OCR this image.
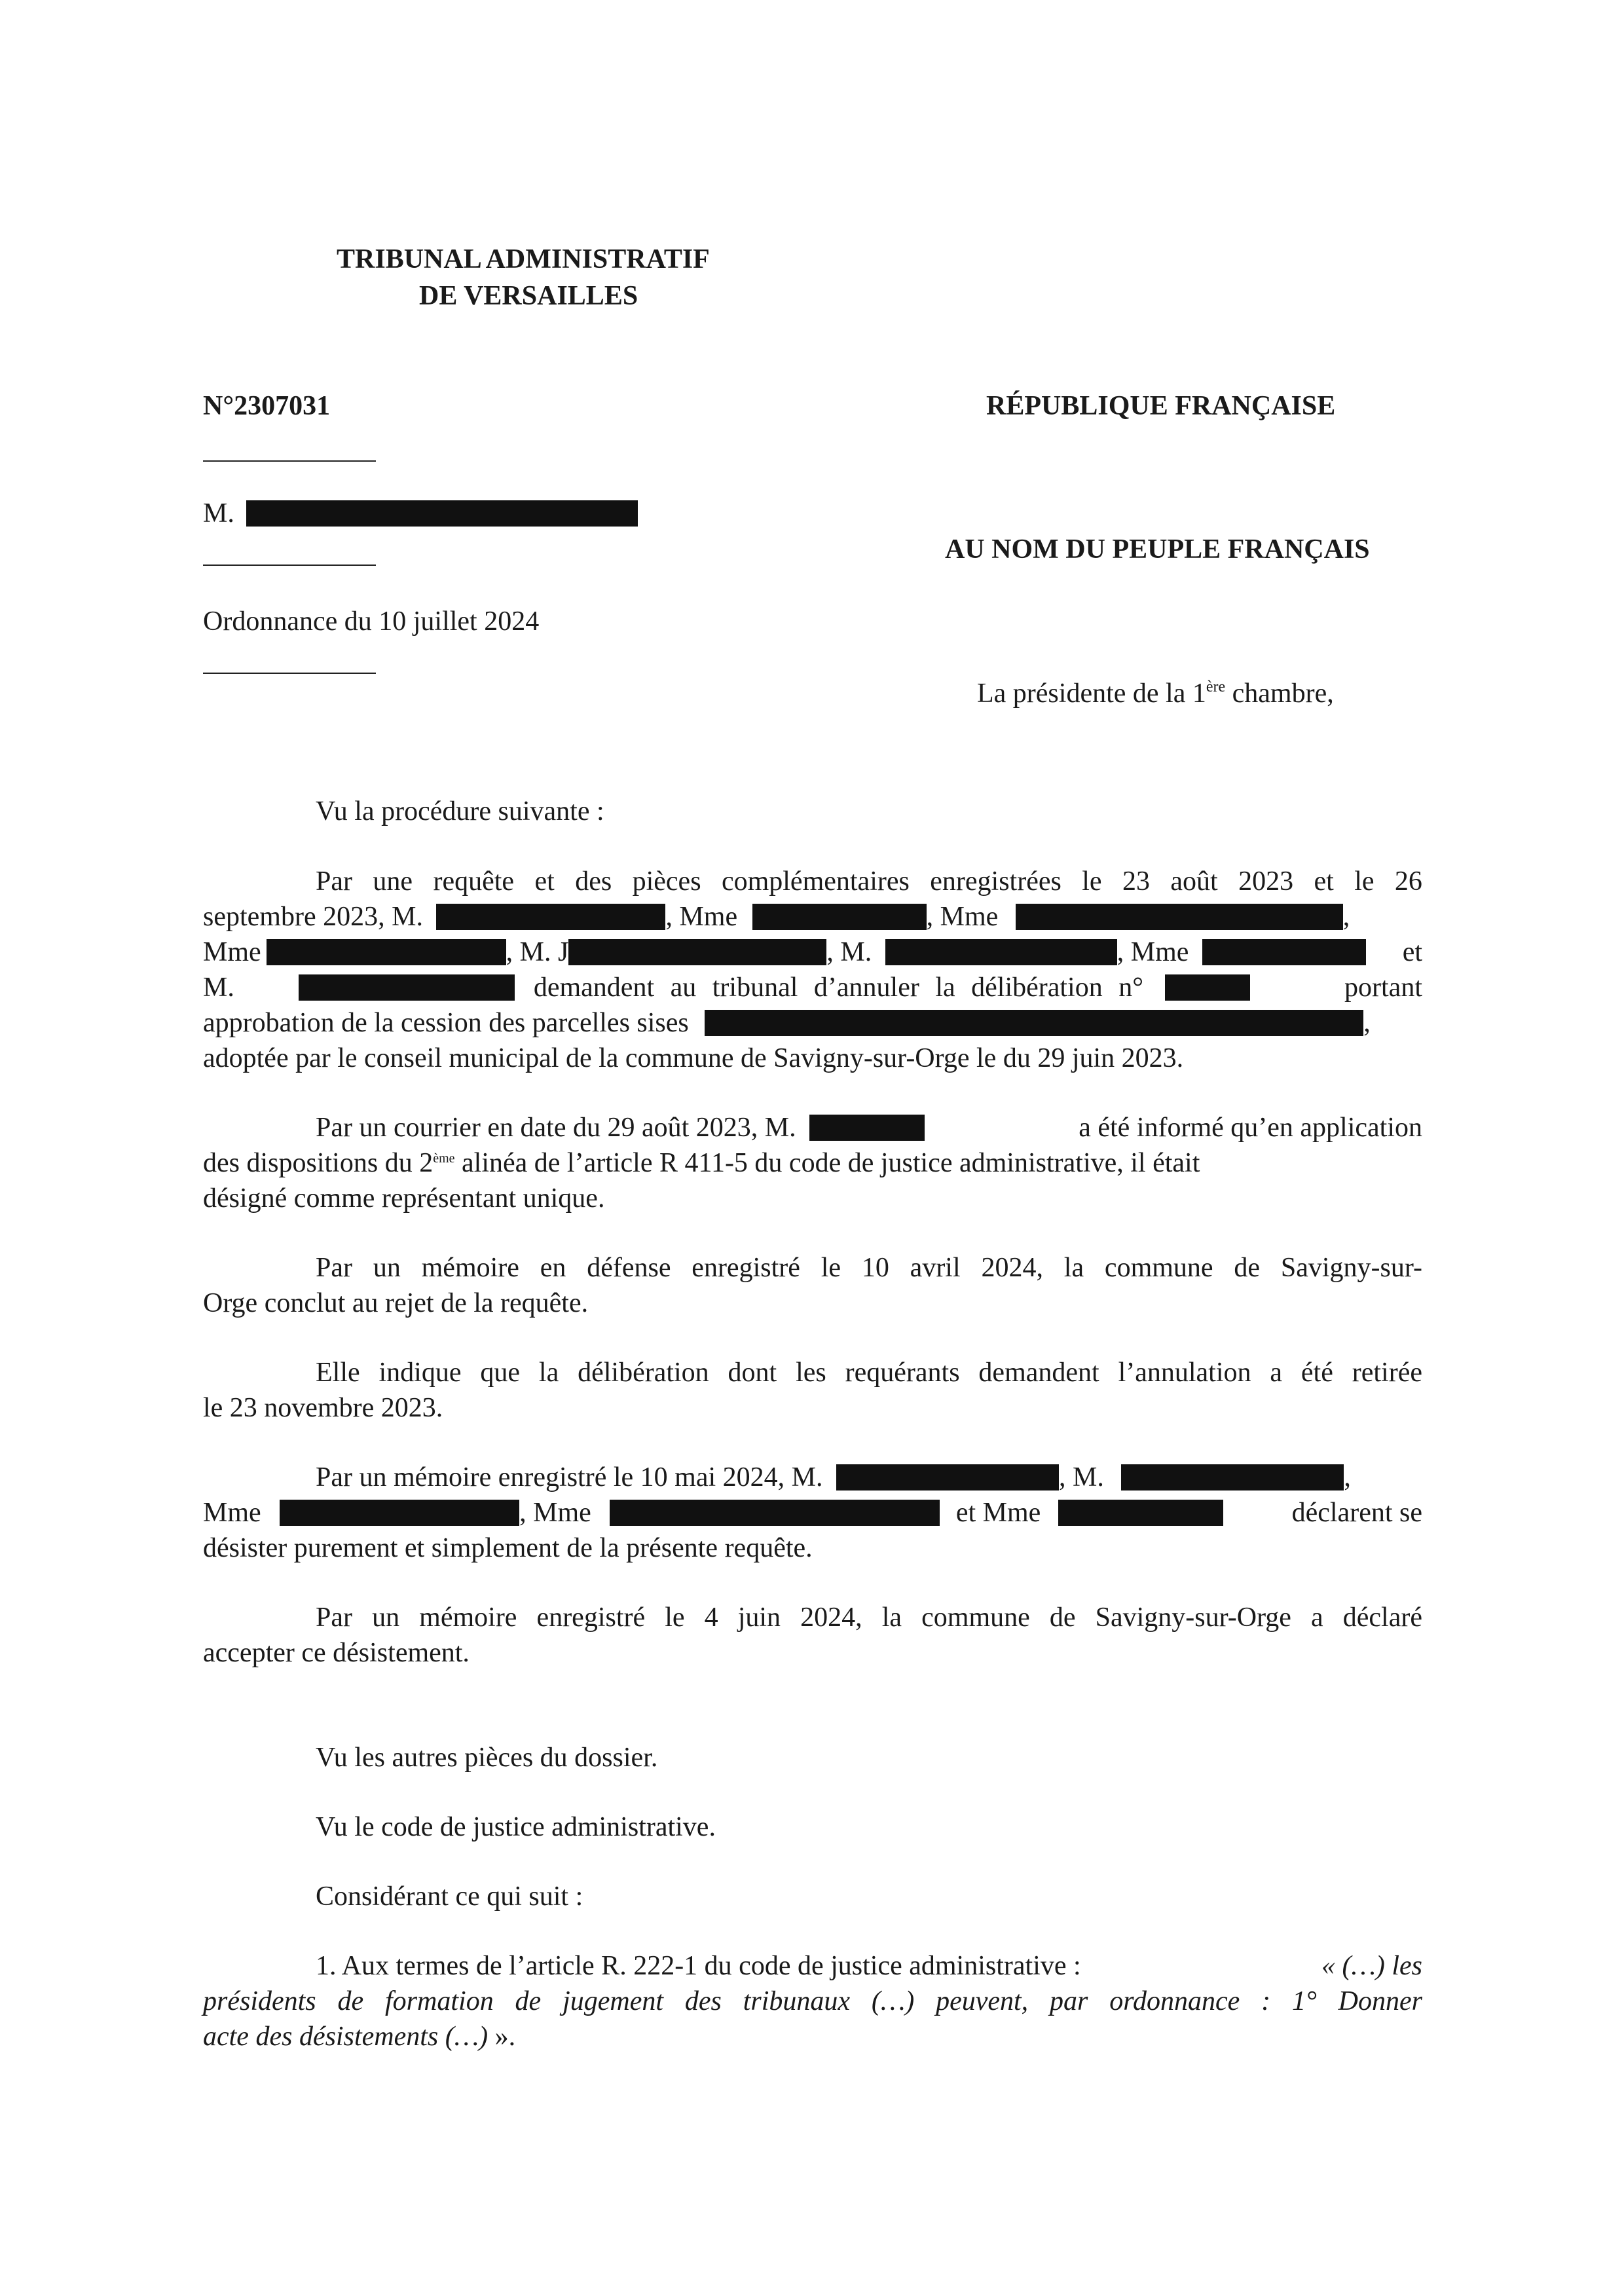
TRIBUNAL ADMINISTRATIF
DE VERSAILLES
N°2307031	RÉPUBLIQUE FRANÇAISE
M.
AU NOM DU PEUPLE FRANÇAIS
Ordonnance du 10 juillet 2024
La présidente de la 1ère chambre,
Vu la procédure suivante :
Par une requête et des pièces complémentaires enregistrées le 23 août 2023 et le 26
septembre 2023, M.	, Mme	, Mme	,
Mme	, M. J	, M.	, Mme	et
M.	demandent au tribunal d’annuler la délibération n°	portant
approbation de la cession des parcelles sises	,
adoptée par le conseil municipal de la commune de Savigny-sur-Orge le du 29 juin 2023.
Par un courrier en date du 29 août 2023, M.	a été informé qu’en application
des dispositions du 2ème alinéa de l’article R 411-5 du code de justice administrative, il était
désigné comme représentant unique.
Par un mémoire en défense enregistré le 10 avril 2024, la commune de Savigny-sur-
Orge conclut au rejet de la requête.
Elle indique que la délibération dont les requérants demandent l’annulation a été retirée
le 23 novembre 2023.
Par un mémoire enregistré le 10 mai 2024, M.	, M.	,
Mme	, Mme	et Mme	déclarent se
désister purement et simplement de la présente requête.
Par un mémoire enregistré le 4 juin 2024, la commune de Savigny-sur-Orge a déclaré
accepter ce désistement.
Vu les autres pièces du dossier.
Vu le code de justice administrative.
Considérant ce qui suit :
1. Aux termes de l’article R. 222-1 du code de justice administrative :	« (…) les
présidents de formation de jugement des tribunaux (…) peuvent, par ordonnance : 1° Donner
acte des désistements (…) ».
